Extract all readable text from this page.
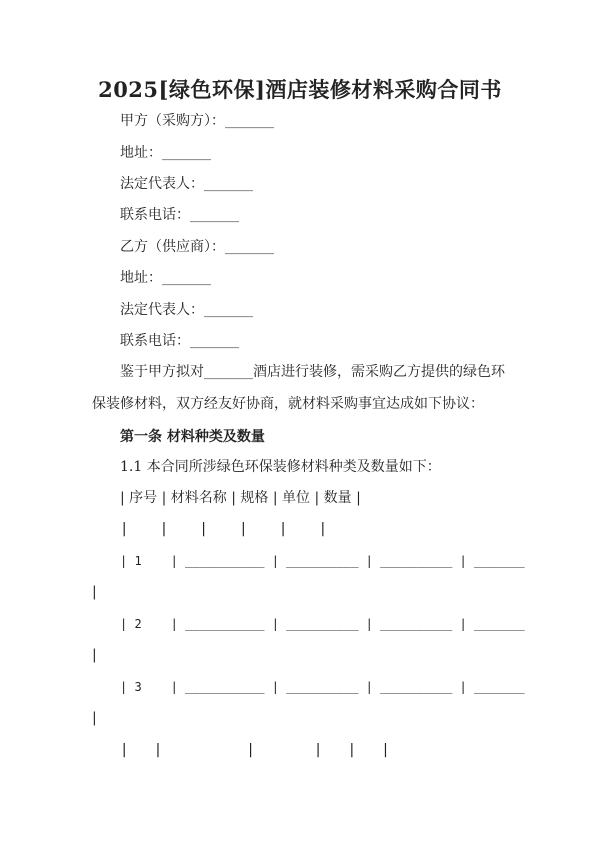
2025[绿色环保]酒店装修材料采购合同书
甲方（采购方）：_______
地址：_______
法定代表人：_______
联系电话：_______
乙方（供应商）：_______
地址：_______
法定代表人：_______
联系电话：_______
鉴于甲方拟对_______酒店进行装修，需采购乙方提供的绿色环
保装修材料，双方经友好协商，就材料采购事宜达成如下协议：
第一条 材料种类及数量
1.1 本合同所涉绿色环保装修材料种类及数量如下：
| 序号 | 材料名称 | 规格 | 单位 | 数量 |
|   |   |   |   |   |
| 1    | ___________ | __________ | __________ | _______
|
| 2    | ___________ | __________ | __________ | _______
|
| 3    | ___________ | __________ | __________ | _______
|
|   |          |       |   |   |
